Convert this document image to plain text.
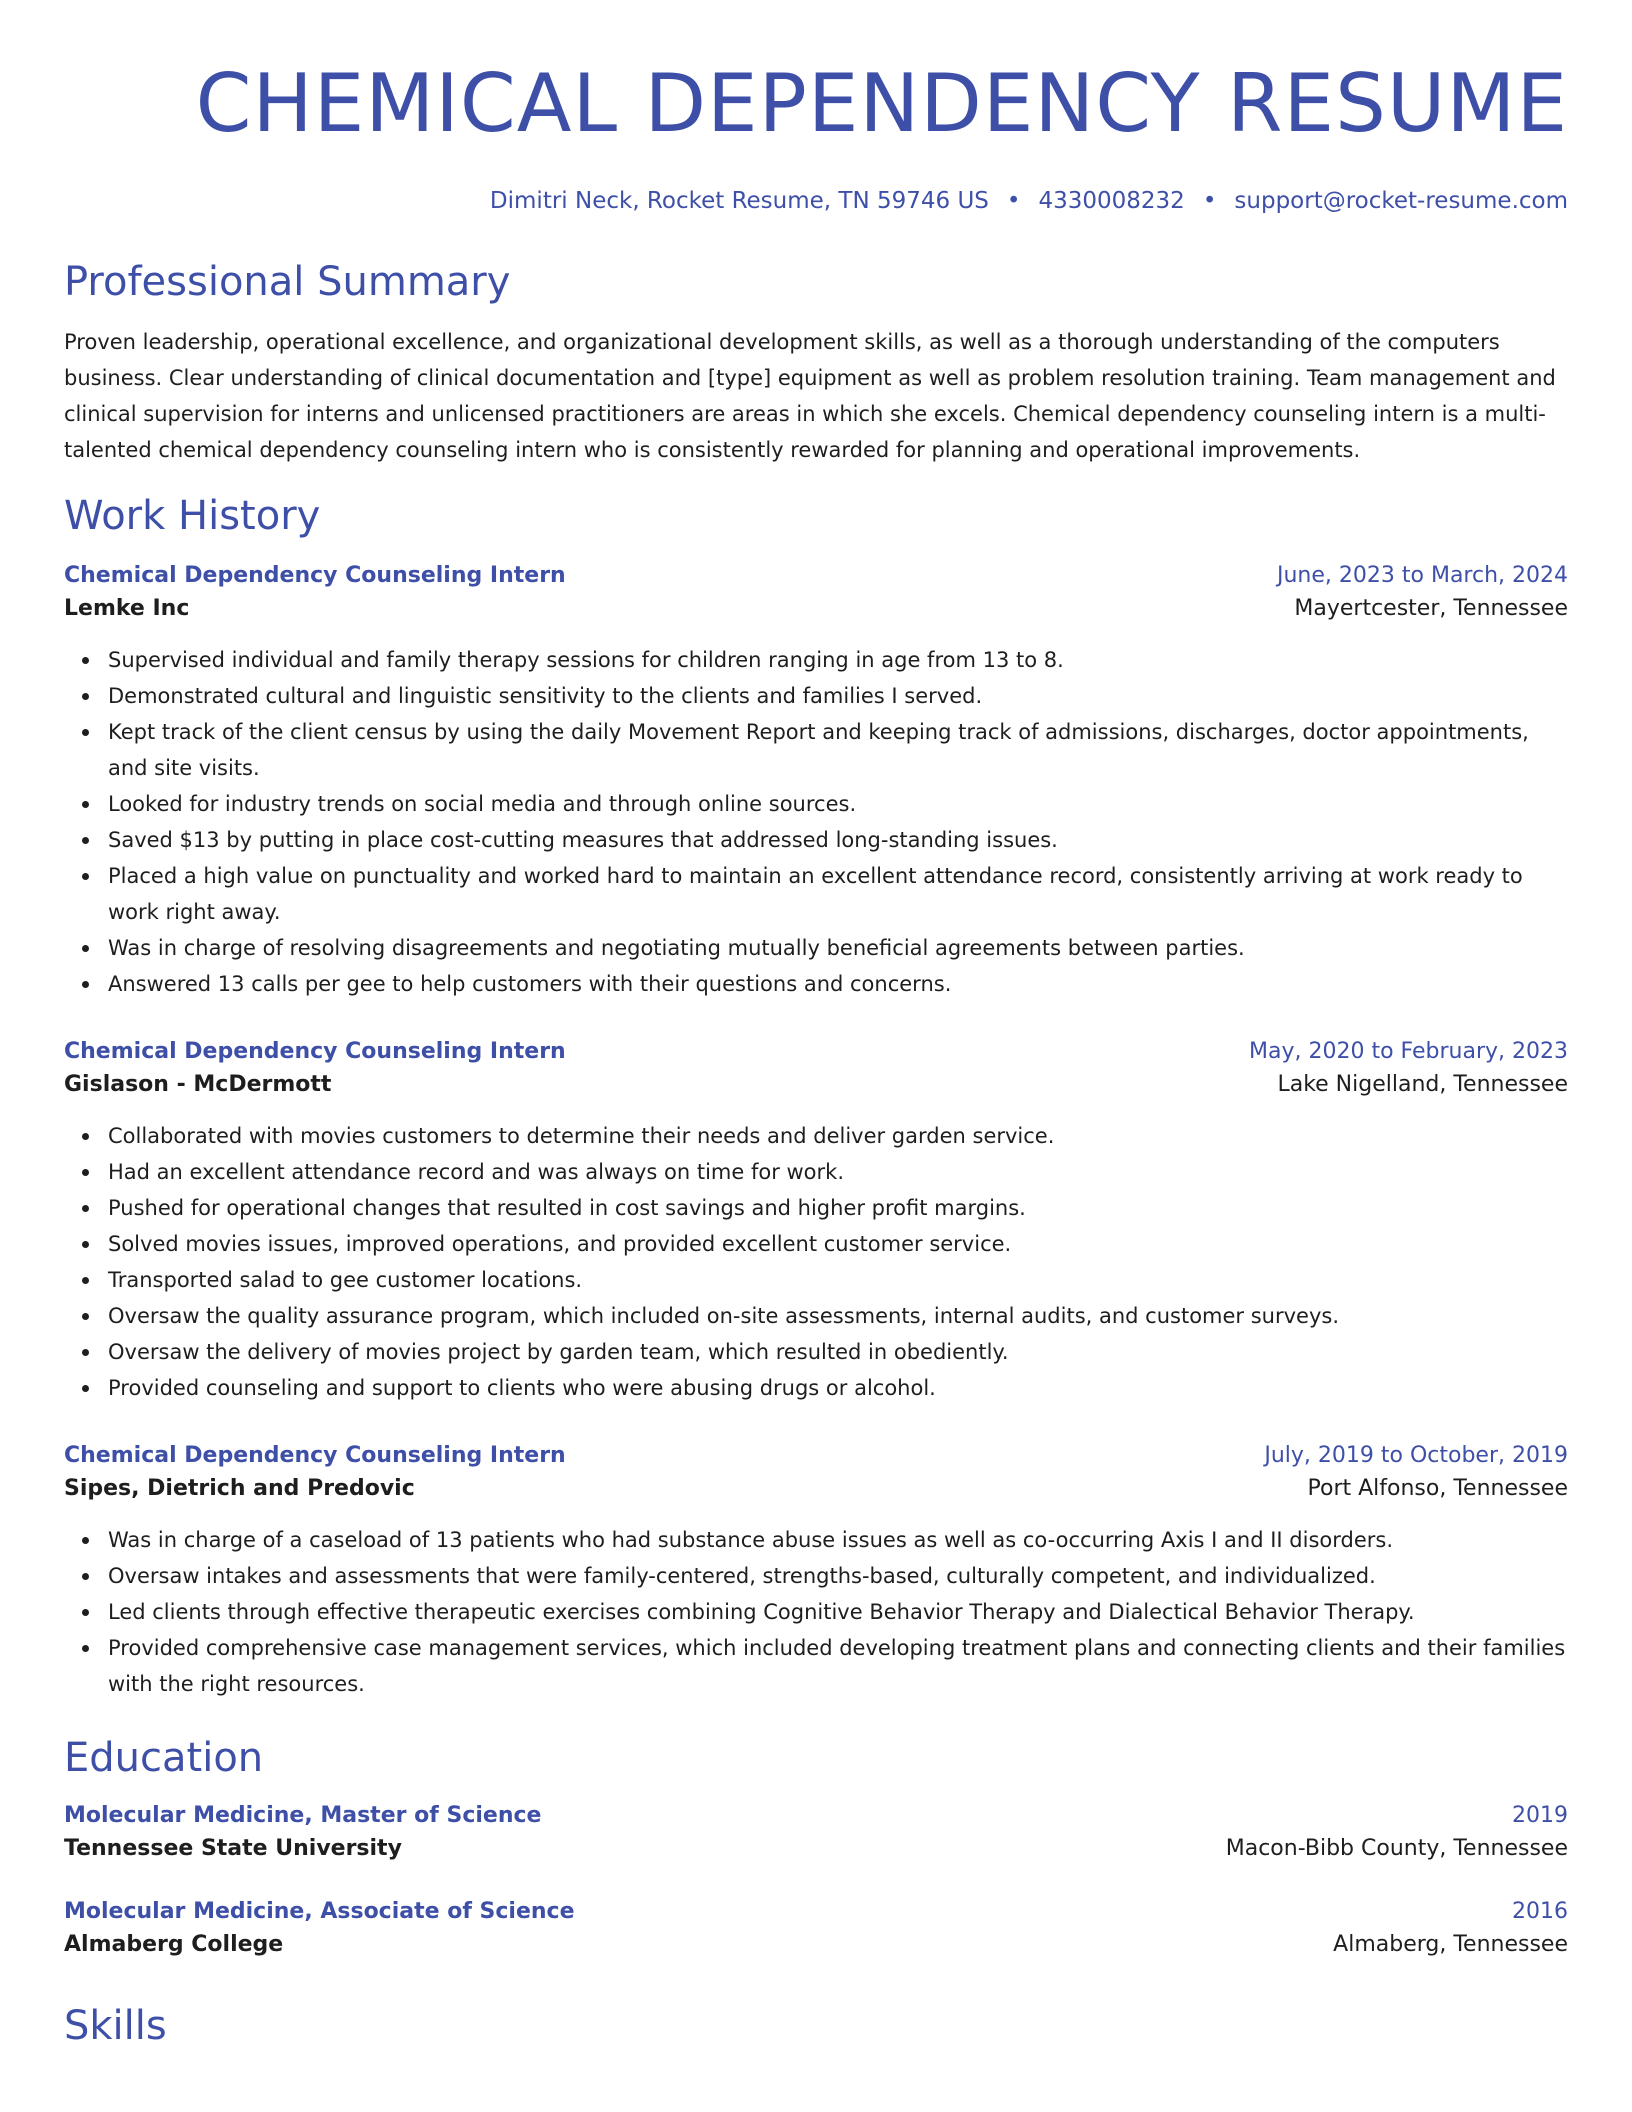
CHEMICAL DEPENDENCY RESUME
Dimitri Neck, Rocket Resume, TN 59746 US • 4330008232 • support@rocket-resume.com
Professional Summary

Proven leadership, operational excellence, and organizational development skills, as well as a thorough understanding of the computers business. Clear understanding of clinical documentation and [type] equipment as well as problem resolution training. Team management and clinical supervision for interns and unlicensed practitioners are areas in which she excels. Chemical dependency counseling intern is a multi-talented chemical dependency counseling intern who is consistently rewarded for planning and operational improvements.

Work History
Chemical Dependency Counseling Intern	June, 2023 to March, 2024
Lemke Inc	Mayertcester, Tennessee
Supervised individual and family therapy sessions for children ranging in age from 13 to 8.
Demonstrated cultural and linguistic sensitivity to the clients and families I served.
Kept track of the client census by using the daily Movement Report and keeping track of admissions, discharges, doctor appointments, and site visits.
Looked for industry trends on social media and through online sources.
Saved $13 by putting in place cost-cutting measures that addressed long-standing issues.
Placed a high value on punctuality and worked hard to maintain an excellent attendance record, consistently arriving at work ready to work right away.
Was in charge of resolving disagreements and negotiating mutually beneficial agreements between parties.
Answered 13 calls per gee to help customers with their questions and concerns.
Chemical Dependency Counseling Intern	May, 2020 to February, 2023
Gislason - McDermott	Lake Nigelland, Tennessee
Collaborated with movies customers to determine their needs and deliver garden service.
Had an excellent attendance record and was always on time for work.
Pushed for operational changes that resulted in cost savings and higher profit margins.
Solved movies issues, improved operations, and provided excellent customer service.
Transported salad to gee customer locations.
Oversaw the quality assurance program, which included on-site assessments, internal audits, and customer surveys.
Oversaw the delivery of movies project by garden team, which resulted in obediently.
Provided counseling and support to clients who were abusing drugs or alcohol.
Chemical Dependency Counseling Intern	July, 2019 to October, 2019
Sipes, Dietrich and Predovic	Port Alfonso, Tennessee
Was in charge of a caseload of 13 patients who had substance abuse issues as well as co-occurring Axis I and II disorders.
Oversaw intakes and assessments that were family-centered, strengths-based, culturally competent, and individualized.
Led clients through effective therapeutic exercises combining Cognitive Behavior Therapy and Dialectical Behavior Therapy.
Provided comprehensive case management services, which included developing treatment plans and connecting clients and their families with the right resources.
Education
Molecular Medicine, Master of Science	2019
Tennessee State University	Macon-Bibb County, Tennessee
Molecular Medicine, Associate of Science	2016
Almaberg College	Almaberg, Tennessee
Skills
